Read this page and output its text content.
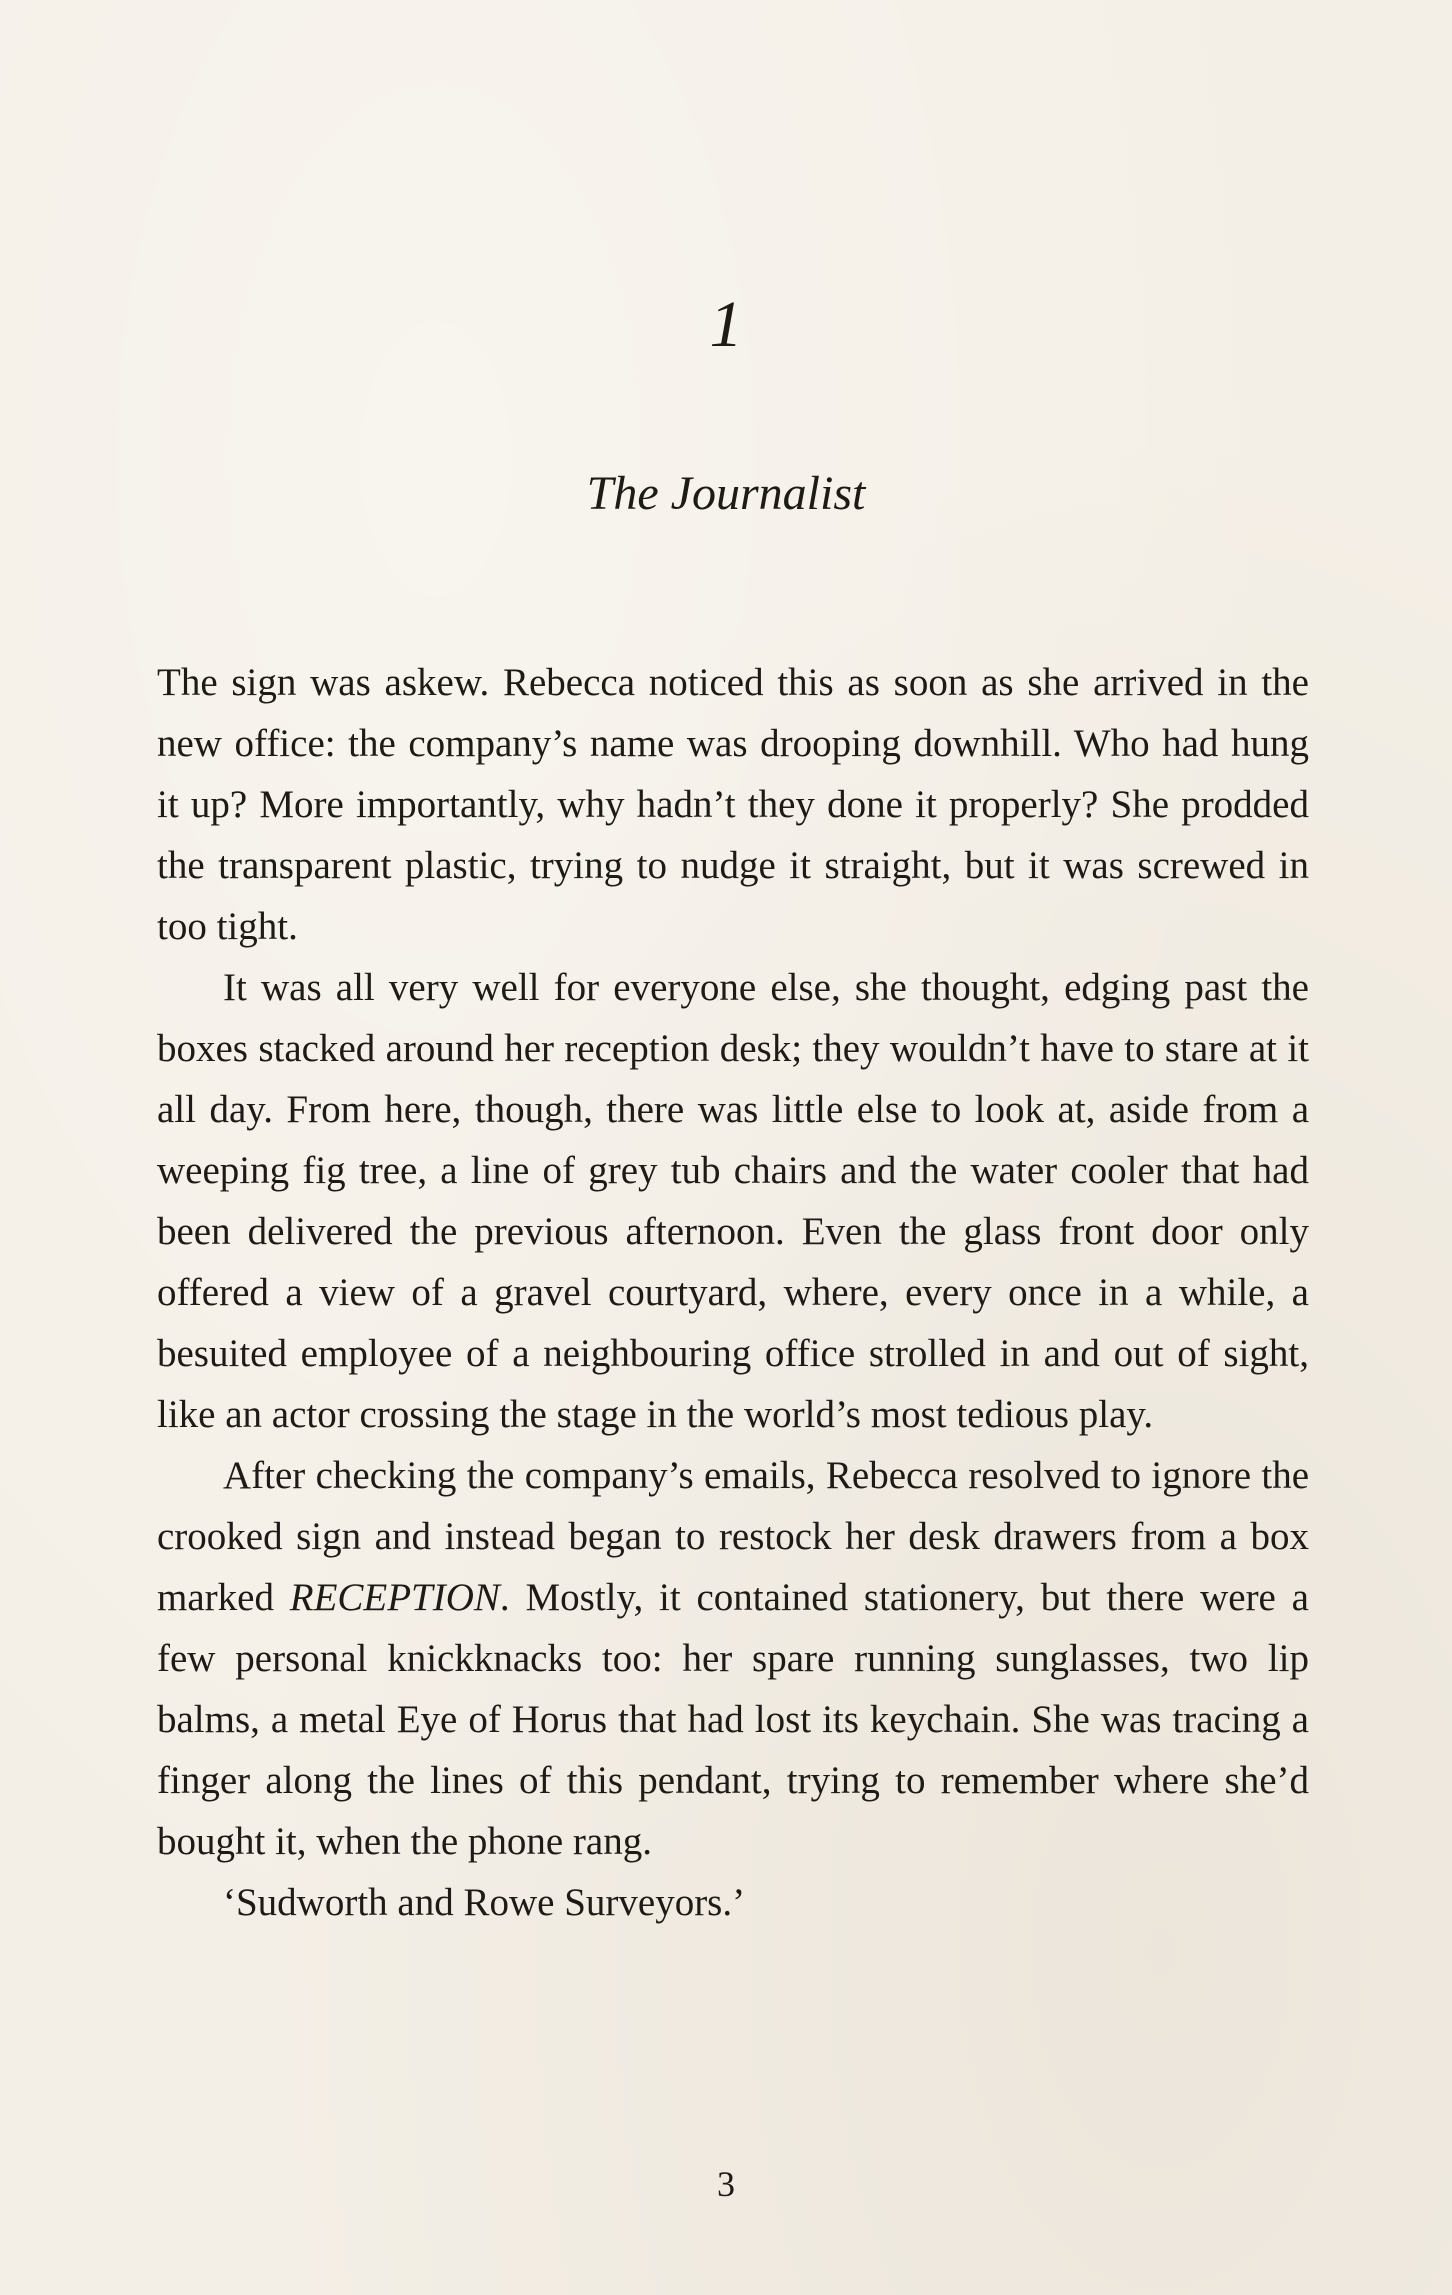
1
The Journalist

The sign was askew. Rebecca noticed this as soon as she arrived in the new office: the company’s name was drooping downhill. Who had hung it up? More importantly, why hadn’t they done it properly? She prodded the transparent plastic, trying to nudge it straight, but it was screwed in too tight.

It was all very well for everyone else, she thought, edging past the boxes stacked around her reception desk; they wouldn’t have to stare at it all day. From here, though, there was little else to look at, aside from a weeping fig tree, a line of grey tub chairs and the water cooler that had been delivered the previous afternoon. Even the glass front door only offered a view of a gravel courtyard, where, every once in a while, a besuited employee of a neighbouring office strolled in and out of sight, like an actor crossing the stage in the world’s most tedious play.

After checking the company’s emails, Rebecca resolved to ignore the crooked sign and instead began to restock her desk drawers from a box marked RECEPTION. Mostly, it contained stationery, but there were a few personal knickknacks too: her spare running sunglasses, two lip balms, a metal Eye of Horus that had lost its keychain. She was tracing a finger along the lines of this pendant, trying to remember where she’d bought it, when the phone rang.

‘Sudworth and Rowe Surveyors.’

3
